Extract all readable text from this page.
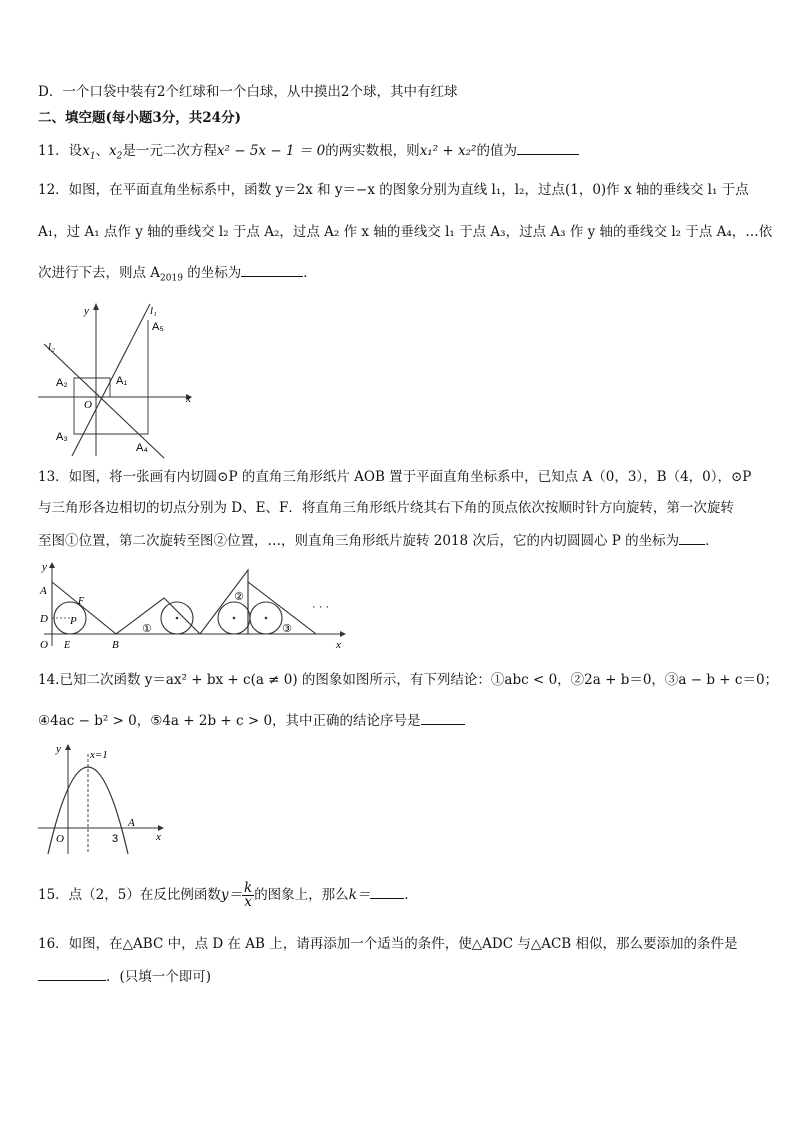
D．一个口袋中装有2个红球和一个白球，从中摸出2个球，其中有红球
二、填空题(每小题3分，共24分)
11．设$x_1$、$x_2$是一元二次方程x² − 5x − 1 ＝ 0的两实数根，则x₁² + x₂²的值为
12．如图，在平面直角坐标系中，函数 y＝2x 和 y＝−x 的图象分别为直线 l₁，l₂，过点(1，0)作 x 轴的垂线交 l₁ 于点
A₁，过 A₁ 点作 y 轴的垂线交 l₂ 于点 A₂，过点 A₂ 作 x 轴的垂线交 l₁ 于点 A₃，过点 A₃ 作 y 轴的垂线交 l₂ 于点 A₄，…依
次进行下去，则点 $A_{2019}$ 的坐标为	．
y
x
O
l₁
l₂
A₁
A₂
A₃
A₄
A₅
13．如图，将一张画有内切圆⊙P 的直角三角形纸片 AOB 置于平面直角坐标系中，已知点 A（0，3），B（4，0），⊙P
与三角形各边相切的切点分别为 D、E、F．将直角三角形纸片绕其右下角的顶点依次按顺时针方向旋转，第一次旋转
至图①位置，第二次旋转至图②位置，…，则直角三角形纸片旋转 2018 次后，它的内切圆圆心 P 的坐标为 ．
y
x
A
D
O E
F
P
B
①
②
③
· · ·
14.已知二次函数 y＝ax² + bx + c(a ≠ 0) 的图象如图所示，有下列结论：①abc < 0，②2a + b＝0，③a − b + c＝0；
④4ac − b² > 0，⑤4a + 2b + c > 0，其中正确的结论序号是
y	x=1
A
x
O	3
15．点（2，5）在反比例函数$y= \frac{k}{x}$ 的图象上，那么k＝	．
16．如图，在△ABC 中，点 D 在 AB 上，请再添加一个适当的条件，使△ADC 与△ACB 相似，那么要添加的条件是
．(只填一个即可)
